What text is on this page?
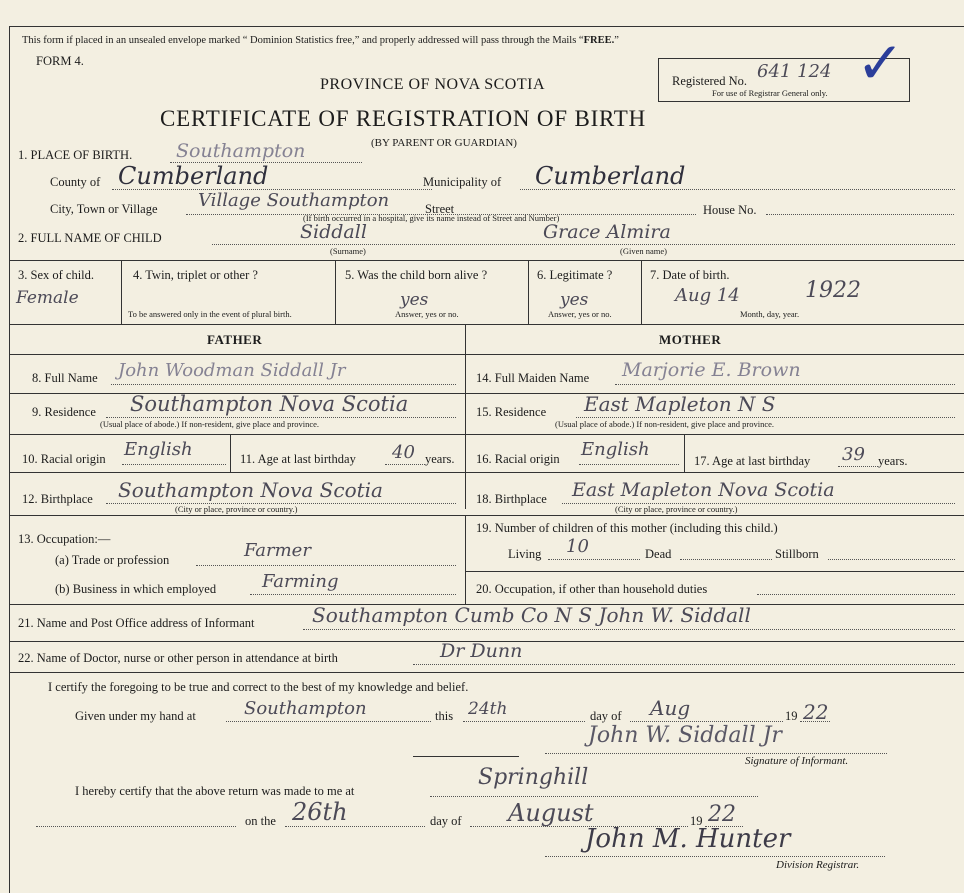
This form if placed in an unsealed envelope marked “ Dominion Statistics free,” and properly addressed will pass through the Mails “FREE.”
FORM 4.
PROVINCE OF NOVA SCOTIA
CERTIFICATE OF REGISTRATION OF BIRTH
(BY PARENT OR GUARDIAN)
Registered No. 641 124
For use of Registrar General only. ✓
1. PLACE OF BIRTH. Southampton
County of Cumberland	Municipality of Cumberland
City, Town or Village Village Southampton	Street
(If birth occurred in a hospital, give its name instead of Street and Number)
House No.
2. FULL NAME OF CHILD	Siddall
(Surname)
Grace Almira
(Given name)
3. Sex of child.
Female
4. Twin, triplet or other ?
To be answered only in the event of plural birth.
5. Was the child born alive ?
yes
Answer, yes or no.
6. Legitimate ?
yes
Answer, yes or no.
7. Date of birth.
Aug 14	1922
Month, day, year.
FATHER	MOTHER
8. Full Name John Woodman Siddall Jr	14. Full Maiden Name Marjorie E. Brown
9. Residence Southampton Nova Scotia
(Usual place of abode.) If non-resident, give place and province.
15. Residence East Mapleton N S
(Usual place of abode.) If non-resident, give place and province.
10. Racial origin English	11. Age at last birthday 40 years. 16. Racial origin English
17. Age at last birthday 39 years.
12. Birthplace Southampton Nova Scotia
(City or place, province or country.)
18. Birthplace East Mapleton Nova Scotia
(City or place, province or country.)
13. Occupation:—
(a) Trade or profession	Farmer
(b) Business in which employed	Farming
19. Number of children of this mother (including this child.)
Living 10	Dead	Stillborn
20. Occupation, if other than household duties
21. Name and Post Office address of Informant	Southampton Cumb Co N S John W. Siddall
22. Name of Doctor, nurse or other person in attendance at birth	Dr Dunn
I certify the foregoing to be true and correct to the best of my knowledge and belief.
Given under my hand at	Southampton	this 24th	day of Aug	19 22
John W. Siddall Jr
Signature of Informant.
I hereby certify that the above return was made to me at
Springhill
on the 26th	day of August	19 22
John M. Hunter
Division Registrar.
